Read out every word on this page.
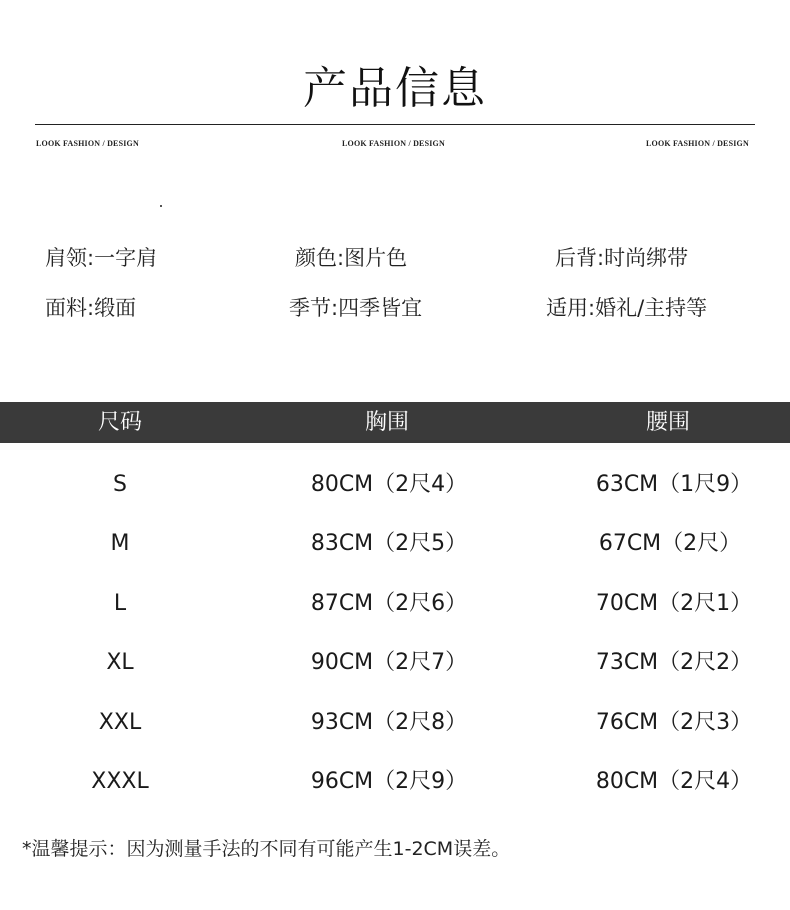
产品信息
LOOK FASHION / DESIGN	LOOK FASHION / DESIGN	LOOK FASHION / DESIGN
肩领:一字肩	颜色:图片色	后背:时尚绑带
面料:缎面	季节:四季皆宜	适用:婚礼/主持等
尺码	胸围	腰围
S	80CM（2尺4）	63CM（1尺9）
M	83CM（2尺5）	67CM（2尺）
L	87CM（2尺6）	70CM（2尺1）
XL	90CM（2尺7）	73CM（2尺2）
XXL	93CM（2尺8）	76CM（2尺3）
XXXL	96CM（2尺9）	80CM（2尺4）
*温馨提示：因为测量手法的不同有可能产生1-2CM误差。
